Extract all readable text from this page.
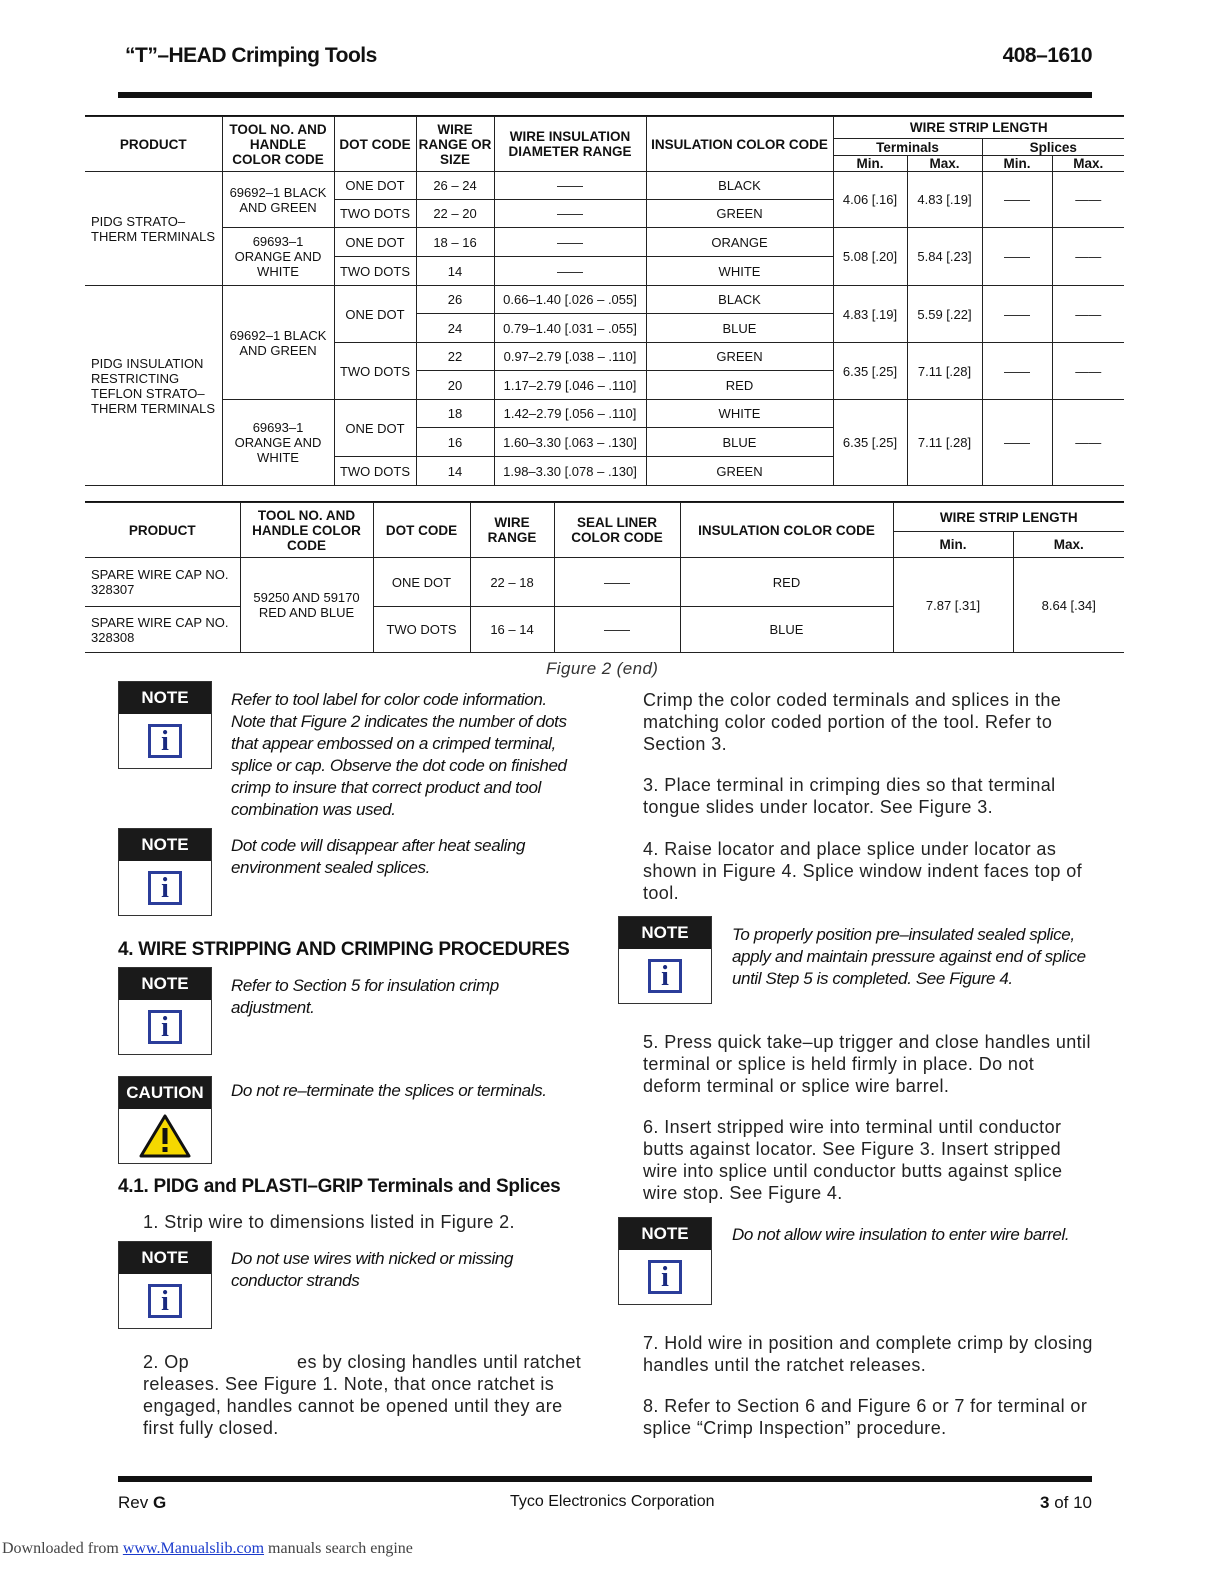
“T”–HEAD Crimping Tools	408–1610
PRODUCT	TOOL NO. AND HANDLE COLOR CODE	DOT CODE	WIRE RANGE OR SIZE	WIRE INSULATION DIAMETER RANGE	INSULATION COLOR CODE	WIRE STRIP LENGTH			
						Terminals		Splices	
						Min.	Max.	Min.	Max.
PIDG STRATO–THERM TERMINALS	69692–1 BLACK AND GREEN	ONE DOT	26 – 24	——	BLACK	4.06 [.16]	4.83 [.19]	——	——
		TWO DOTS	22 – 20	——	GREEN				
	69693–1 ORANGE AND WHITE	ONE DOT	18 – 16	——	ORANGE	5.08 [.20]	5.84 [.23]	——	——
		TWO DOTS	14	——	WHITE				
PIDG INSULATION RESTRICTING TEFLON STRATO–THERM TERMINALS	69692–1 BLACK AND GREEN	ONE DOT	26	0.66–1.40 [.026 – .055]	BLACK	4.83 [.19]	5.59 [.22]	——	——
			24	0.79–1.40 [.031 – .055]	BLUE				
		TWO DOTS	22	0.97–2.79 [.038 – .110]	GREEN	6.35 [.25]	7.11 [.28]	——	——
			20	1.17–2.79 [.046 – .110]	RED				
	69693–1 ORANGE AND WHITE	ONE DOT	18	1.42–2.79 [.056 – .110]	WHITE	6.35 [.25]	7.11 [.28]	——	——
			16	1.60–3.30 [.063 – .130]	BLUE				
		TWO DOTS	14	1.98–3.30 [.078 – .130]	GREEN				
PRODUCT	TOOL NO. AND HANDLE COLOR CODE	DOT CODE	WIRE RANGE	SEAL LINER COLOR CODE	INSULATION COLOR CODE	WIRE STRIP LENGTH	
						Min.	Max.
SPARE WIRE CAP NO. 328307	59250 AND 59170 RED AND BLUE	ONE DOT	22 – 18	——	RED	7.87 [.31]	8.64 [.34]
SPARE WIRE CAP NO. 328308		TWO DOTS	16 – 14	——	BLUE		
Figure 2 (end)
NOTE
i
Refer to tool label for color code information. Note that Figure 2 indicates the number of dots that appear embossed on a crimped terminal, splice or cap. Observe the dot code on finished crimp to insure that correct product and tool combination was used.
NOTE
i
Dot code will disappear after heat sealing environment sealed splices.
4. WIRE STRIPPING AND CRIMPING PROCEDURES
NOTE
i
Refer to Section 5 for insulation crimp adjustment.
CAUTION	Do not re–terminate the splices or terminals.
4.1. PIDG and PLASTI–GRIP Terminals and Splices
1. Strip wire to dimensions listed in Figure 2.
NOTE
i
Do not use wires with nicked or missing conductor strands
2. Op                    es by closing handles until ratchet releases. See Figure 1. Note, that once ratchet is engaged, handles cannot be opened until they are first fully closed.
Crimp the color coded terminals and splices in the matching color coded portion of the tool. Refer to Section 3.
3. Place terminal in crimping dies so that terminal tongue slides under locator. See Figure 3.
4. Raise locator and place splice under locator as shown in Figure 4. Splice window indent faces top of tool.
NOTE
i
To properly position pre–insulated sealed splice, apply and maintain pressure against end of splice until Step 5 is completed. See Figure 4.
5. Press quick take–up trigger and close handles until terminal or splice is held firmly in place. Do not deform terminal or splice wire barrel.
6. Insert stripped wire into terminal until conductor butts against locator. See Figure 3. Insert stripped wire into splice until conductor butts against splice wire stop. See Figure 4.
NOTE
i
Do not allow wire insulation to enter wire barrel.
7. Hold wire in position and complete crimp by closing handles until the ratchet releases.
8. Refer to Section 6 and Figure 6 or 7 for terminal or splice “Crimp Inspection” procedure.
Rev G	Tyco Electronics Corporation	3 of 10
Downloaded from www.Manualslib.com manuals search engine
